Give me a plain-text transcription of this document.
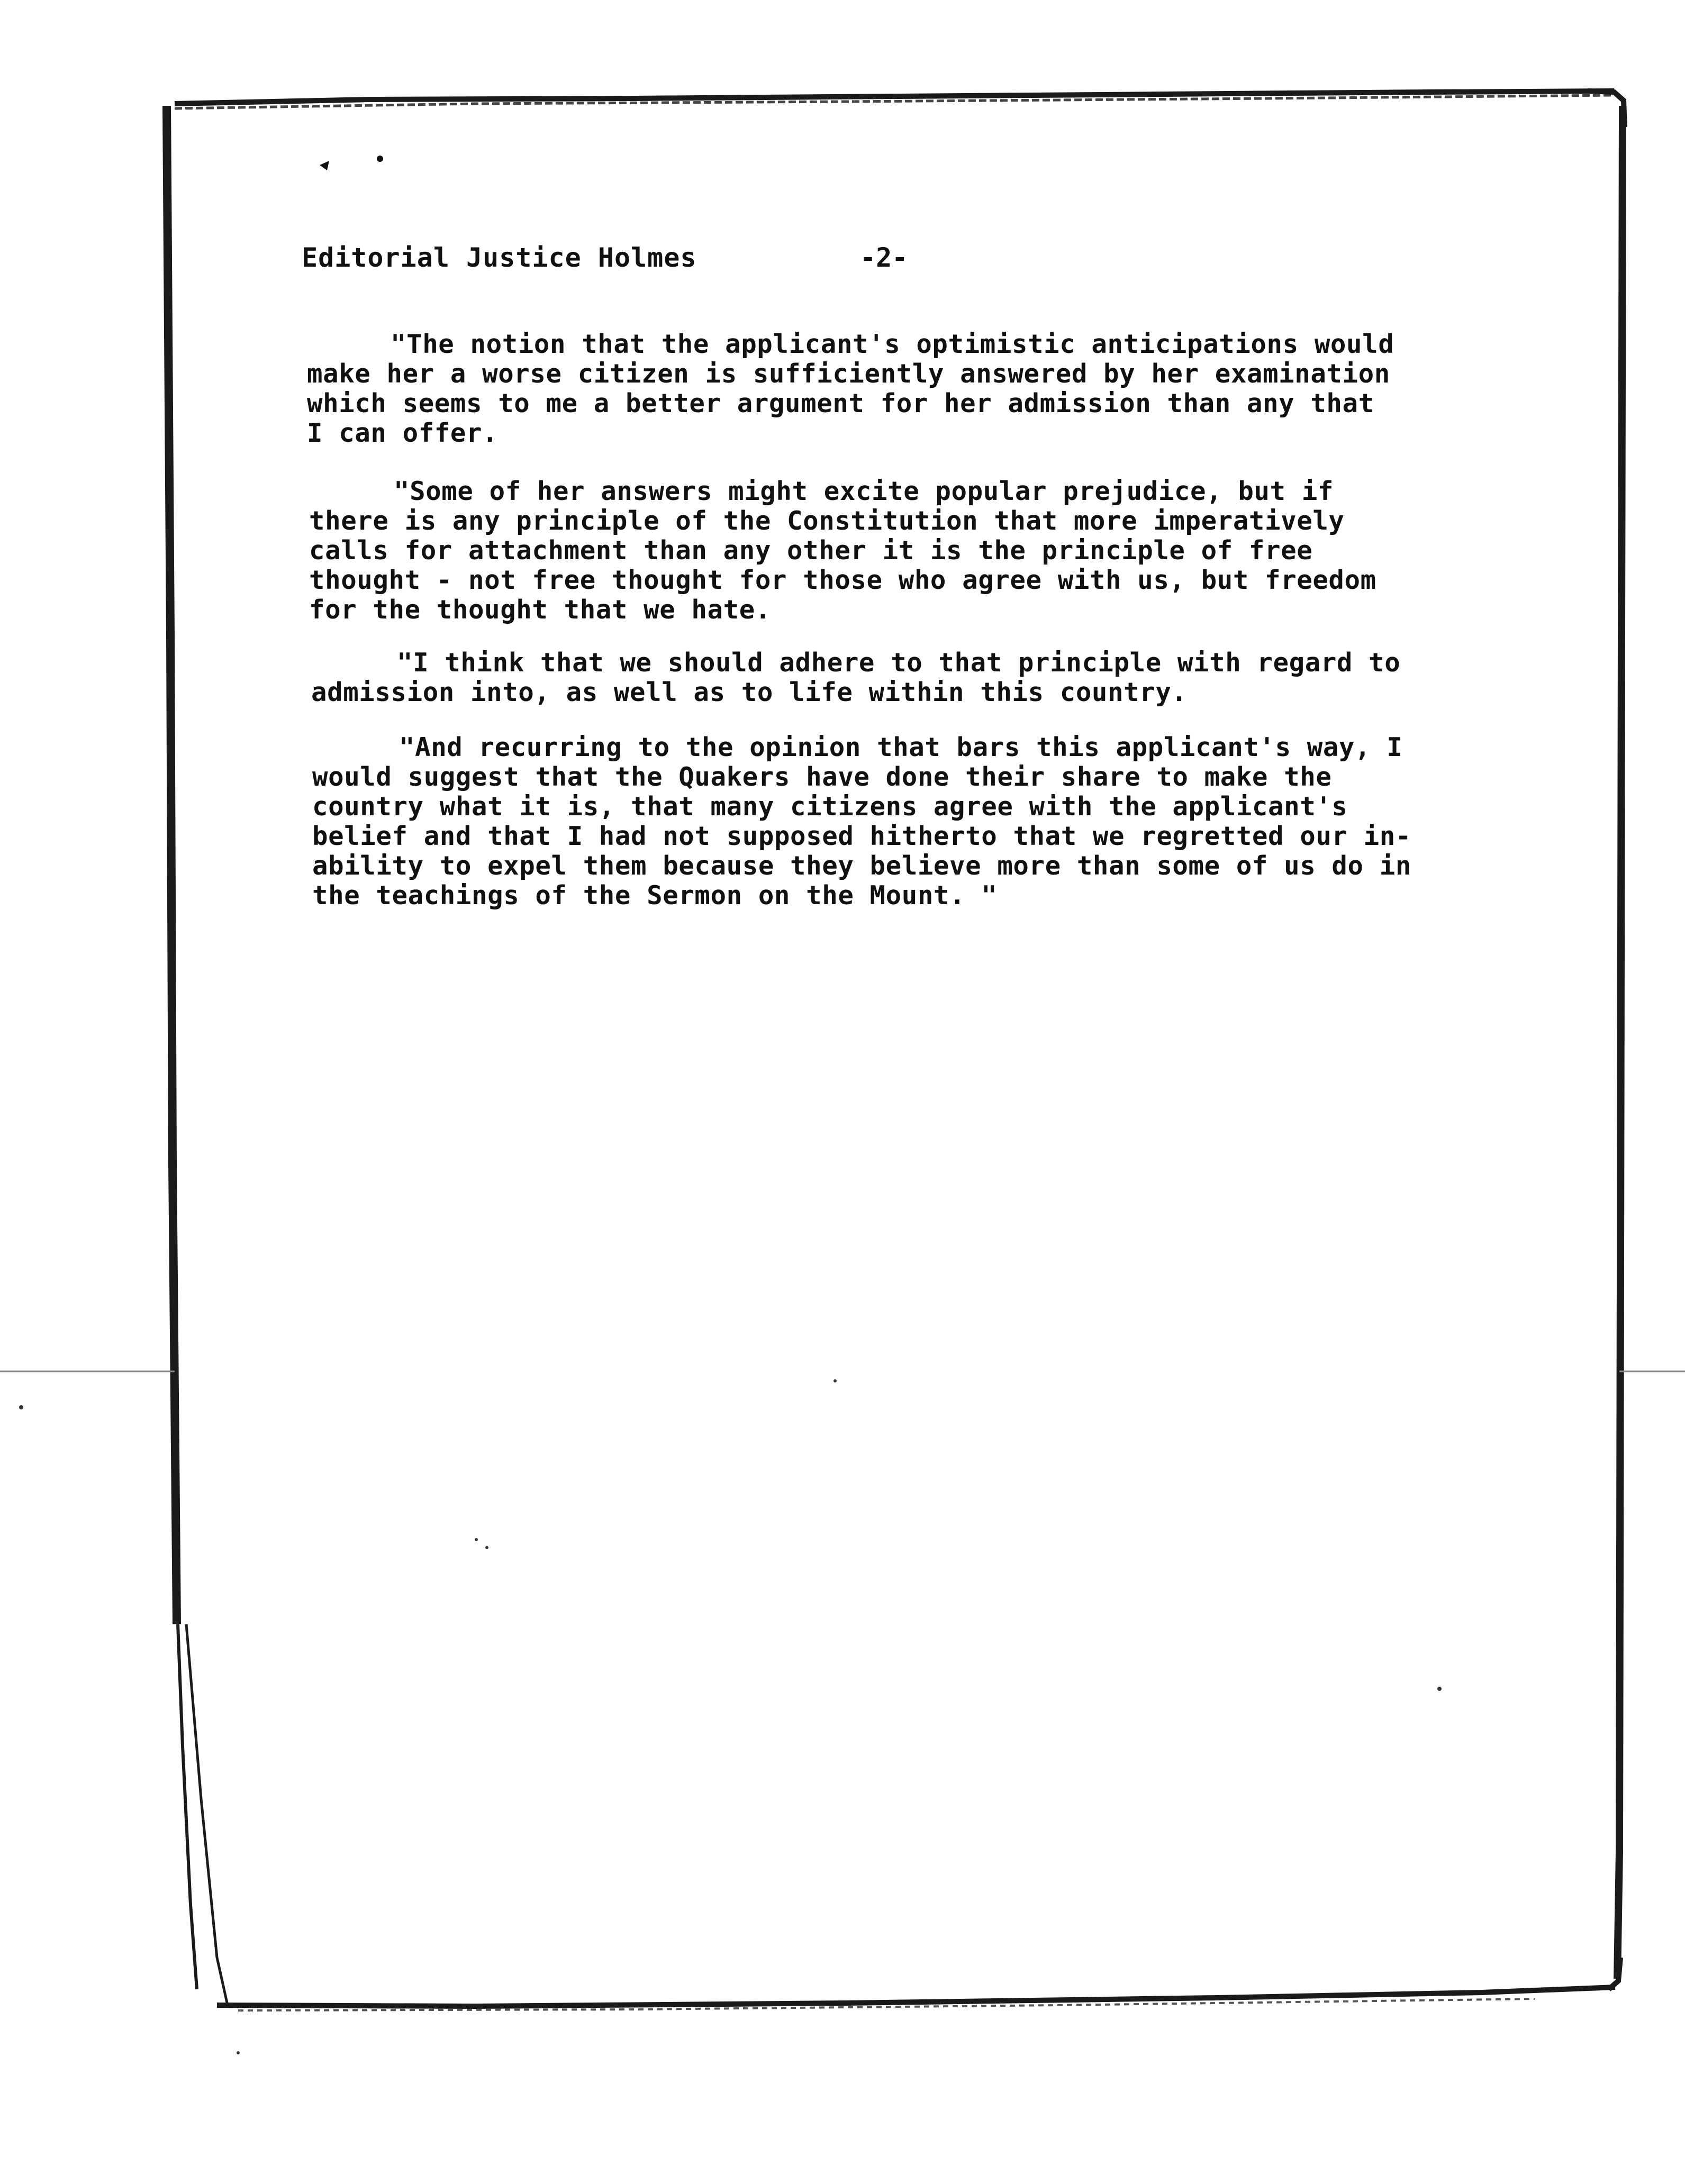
Editorial Justice Holmes	-2-
"The notion that the applicant's optimistic anticipations would
make her a worse citizen is sufficiently answered by her examination
which seems to me a better argument for her admission than any that
I can offer.
"Some of her answers might excite popular prejudice, but if
there is any principle of the Constitution that more imperatively
calls for attachment than any other it is the principle of free
thought - not free thought for those who agree with us, but freedom
for the thought that we hate.
"I think that we should adhere to that principle with regard to
admission into, as well as to life within this country.
"And recurring to the opinion that bars this applicant's way, I
would suggest that the Quakers have done their share to make the
country what it is, that many citizens agree with the applicant's
belief and that I had not supposed hitherto that we regretted our in-
ability to expel them because they believe more than some of us do in
the teachings of the Sermon on the Mount. "
